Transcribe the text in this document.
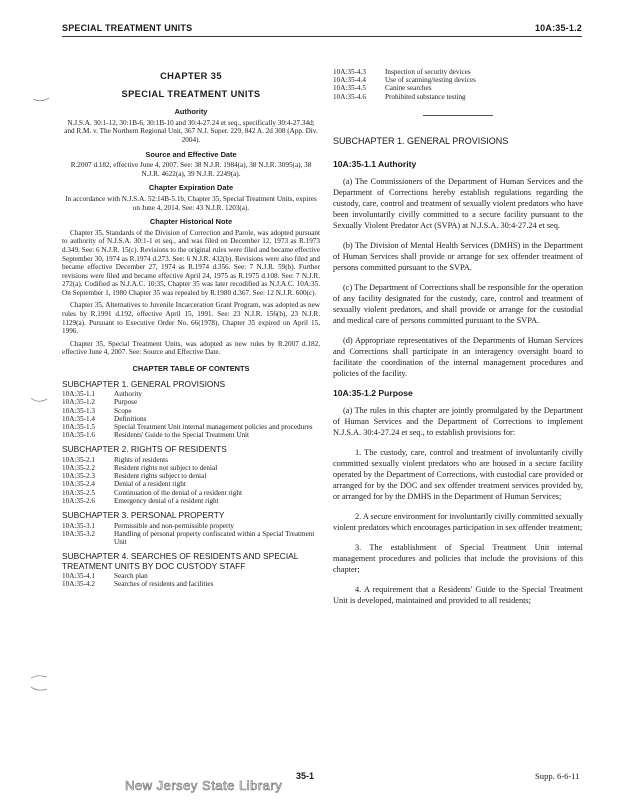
SPECIAL TREATMENT UNITS	10A:35-1.2
CHAPTER 35
SPECIAL TREATMENT UNITS
Authority
N.J.S.A. 30:1-12, 30:1B-6, 30:1B-10 and 30:4-27.24 et seq., specifically 30:4-27.34d; and R.M. v. The Northern Regional Unit, 367 N.J. Super. 229, 842 A. 2d 308 (App. Div. 2004).
Source and Effective Date
R.2007 d.182, effective June 4, 2007. See: 38 N.J.R. 1984(a), 38 N.J.R. 3095(a), 38 N.J.R. 4622(a), 39 N.J.R. 2249(a).
Chapter Expiration Date
In accordance with N.J.S.A. 52:14B-5.1b, Chapter 35, Special Treatment Units, expires on June 4, 2014. See: 43 N.J.R. 1203(a).
Chapter Historical Note

Chapter 35, Standards of the Division of Correction and Parole, was adopted pursuant to authority of N.J.S.A. 30:1-1 et seq., and was filed on December 12, 1973 as R.1973 d.349. See: 6 N.J.R. 15(c). Revisions to the original rules were filed and became effective September 30, 1974 as R.1974 d.273. See: 6 N.J.R. 432(b). Revisions were also filed and became effective December 27, 1974 as R.1974 d.356. See: 7 N.J.R. 59(b). Further revisions were filed and became effective April 24, 1975 as R.1975 d.108. See: 7 N.J.R. 272(a). Codified as N.J.A.C. 10:35, Chapter 35 was later recodified as N.J.A.C. 10A:35. On September 1, 1980 Chapter 35 was repealed by R.1980 d.367. See: 12 N.J.R. 600(c).

Chapter 35, Alternatives to Juvenile Incarceration Grant Program, was adopted as new rules by R.1991 d.192, effective April 15, 1991. See: 23 N.J.R. 156(b), 23 N.J.R. 1129(a). Pursuant to Executive Order No. 66(1978), Chapter 35 expired on April 15, 1996.

Chapter 35, Special Treatment Units, was adopted as new rules by R.2007 d.182, effective June 4, 2007. See: Source and Effective Date.

CHAPTER TABLE OF CONTENTS
SUBCHAPTER 1. GENERAL PROVISIONS
10A:35-1.1	Authority
10A:35-1.2	Purpose
10A:35-1.3	Scope
10A:35-1.4	Definitions
10A:35-1.5	Special Treatment Unit internal management policies and procedures
10A:35-1.6	Residents' Guide to the Special Treatment Unit
SUBCHAPTER 2. RIGHTS OF RESIDENTS
10A:35-2.1	Rights of residents
10A:35-2.2	Resident rights not subject to denial
10A:35-2.3	Resident rights subject to denial
10A:35-2.4	Denial of a resident right
10A:35-2.5	Continuation of the denial of a resident right
10A:35-2.6	Emergency denial of a resident right
SUBCHAPTER 3. PERSONAL PROPERTY
10A:35-3.1	Permissible and non-permissible property
10A:35-3.2	Handling of personal property confiscated within a Special Treatment Unit
SUBCHAPTER 4. SEARCHES OF RESIDENTS AND SPECIAL TREATMENT UNITS BY DOC CUSTODY STAFF
10A:35-4.1	Search plan
10A:35-4.2	Searches of residents and facilities
10A:35-4.3	Inspection of security devices
10A:35-4.4	Use of scanning/testing devices
10A:35-4.5	Canine searches
10A:35-4.6	Prohibited substance testing
SUBCHAPTER 1. GENERAL PROVISIONS
10A:35-1.1 Authority

(a) The Commissioners of the Department of Human Services and the Department of Corrections hereby establish regulations regarding the custody, care, control and treatment of sexually violent predators who have been involuntarily civilly committed to a secure facility pursuant to the Sexually Violent Predator Act (SVPA) at N.J.S.A. 30:4-27.24 et seq.

(b) The Division of Mental Health Services (DMHS) in the Department of Human Services shall provide or arrange for sex offender treatment of persons committed pursuant to the SVPA.

(c) The Department of Corrections shall be responsible for the operation of any facility designated for the custody, care, control and treatment of sexually violent predators, and shall provide or arrange for the custodial and medical care of persons committed pursuant to the SVPA.

(d) Appropriate representatives of the Departments of Human Services and Corrections shall participate in an interagency oversight board to facilitate the coordination of the internal management procedures and policies of the facility.

10A:35-1.2 Purpose

(a) The rules in this chapter are jointly promulgated by the Department of Human Services and the Department of Corrections to implement N.J.S.A. 30:4-27.24 et seq., to establish provisions for:

1. The custody, care, control and treatment of involuntarily civilly committed sexually violent predators who are housed in a secure facility operated by the Department of Corrections, with custodial care provided or arranged for by the DOC and sex offender treatment services provided by, or arranged for by the DMHS in the Department of Human Services;

2. A secure environment for involuntarily civilly committed sexually violent predators which encourages participation in sex offender treatment;

3. The establishment of Special Treatment Unit internal management procedures and policies that include the provisions of this chapter;

4. A requirement that a Residents' Guide to the Special Treatment Unit is developed, maintained and provided to all residents;

35-1	Supp. 6-6-11
New Jersey State Library
